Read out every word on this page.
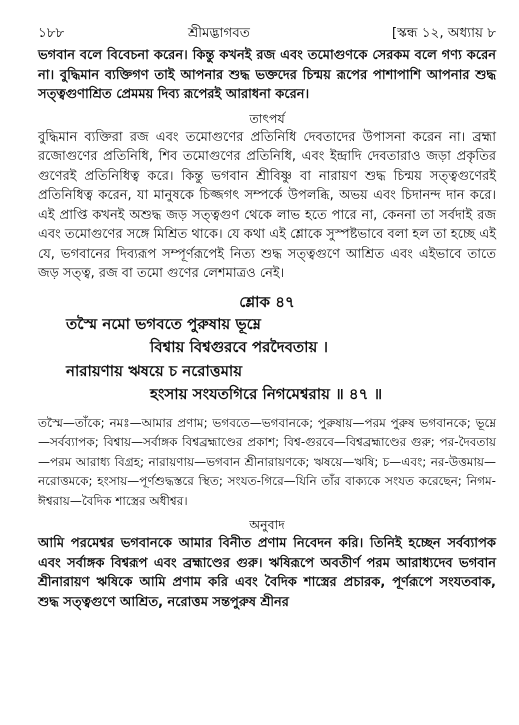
১৮৮	শ্রীমদ্ভাগবত	[স্কন্ধ ১২, অধ্যায় ৮

ভগবান বলে বিবেচনা করেন। কিন্তু কখনই রজ এবং তমোগুণকে সেরকম বলে গণ্য করেন না। বুদ্ধিমান ব্যক্তিগণ তাই আপনার শুদ্ধ ভক্তদের চিন্ময় রূপের পাশাপাশি আপনার শুদ্ধ সত্ত্বগুণাশ্রিত প্রেমময় দিব্য রূপেরই আরাধনা করেন।

তাৎপর্য

বুদ্ধিমান ব্যক্তিরা রজ এবং তমোগুণের প্রতিনিধি দেবতাদের উপাসনা করেন না। ব্রহ্মা রজোগুণের প্রতিনিধি, শিব তমোগুণের প্রতিনিধি, এবং ইন্দ্রাদি দেবতারাও জড়া প্রকৃতির গুণেরই প্রতিনিধিত্ব করে। কিন্তু ভগবান শ্রীবিষ্ণু বা নারায়ণ শুদ্ধ চিন্ময় সত্ত্বগুণেরই প্রতিনিধিত্ব করেন, যা মানুষকে চিজ্জগৎ সম্পর্কে উপলব্ধি, অভয় এবং চিদানন্দ দান করে। এই প্রাপ্তি কখনই অশুদ্ধ জড় সত্ত্বগুণ থেকে লাভ হতে পারে না, কেননা তা সর্বদাই রজ এবং তমোগুণের সঙ্গে মিশ্রিত থাকে। যে কথা এই শ্লোকে সুস্পষ্টভাবে বলা হল তা হচ্ছে এই যে, ভগবানের দিব্যরূপ সম্পূর্ণরূপেই নিত্য শুদ্ধ সত্ত্বগুণে আশ্রিত এবং এইভাবে তাতে জড় সত্ত্ব, রজ বা তমো গুণের লেশমাত্রও নেই।

শ্লোক ৪৭

তস্মৈ নমো ভগবতে পুরুষায় ভূম্নে

বিশ্বায় বিশ্বগুরবে পরদৈবতায় ।

নারায়ণায় ঋষয়ে চ নরোত্তমায়

হংসায় সংযতগিরে নিগমেশ্বরায় ॥ ৪৭ ॥

তস্মৈ—তাঁকে; নমঃ—আমার প্রণাম; ভগবতে—ভগবানকে; পুরুষায়—পরম পুরুষ ভগবানকে; ভূম্নে—সর্বব্যাপক; বিশ্বায়—সর্বাঙ্গক বিশ্বব্রহ্মাণ্ডের প্রকাশ; বিশ্ব-গুরবে—বিশ্বব্রহ্মাণ্ডের গুরু; পর-দৈবতায়—পরম আরাধ্য বিগ্রহ; নারায়ণায়—ভগবান শ্রীনারায়ণকে; ঋষয়ে—ঋষি; চ—এবং; নর-উত্তমায়—নরোত্তমকে; হংসায়—পূর্ণশুদ্ধস্তরে স্থিত; সংযত-গিরে—যিনি তাঁর বাক্যকে সংযত করেছেন; নিগম-ঈশ্বরায়—বৈদিক শাস্ত্রের অধীশ্বর।

অনুবাদ

আমি পরমেশ্বর ভগবানকে আমার বিনীত প্রণাম নিবেদন করি। তিনিই হচ্ছেন সর্বব্যাপক এবং সর্বাঙ্গক বিশ্বরূপ এবং ব্রহ্মাণ্ডের গুরু। ঋষিরূপে অবতীর্ণ পরম আরাধ্যদেব ভগবান শ্রীনারায়ণ ঋষিকে আমি প্রণাম করি এবং বৈদিক শাস্ত্রের প্রচারক, পূর্ণরূপে সংযতবাক, শুদ্ধ সত্ত্বগুণে আশ্রিত, নরোত্তম সন্তপুরুষ শ্রীনর
